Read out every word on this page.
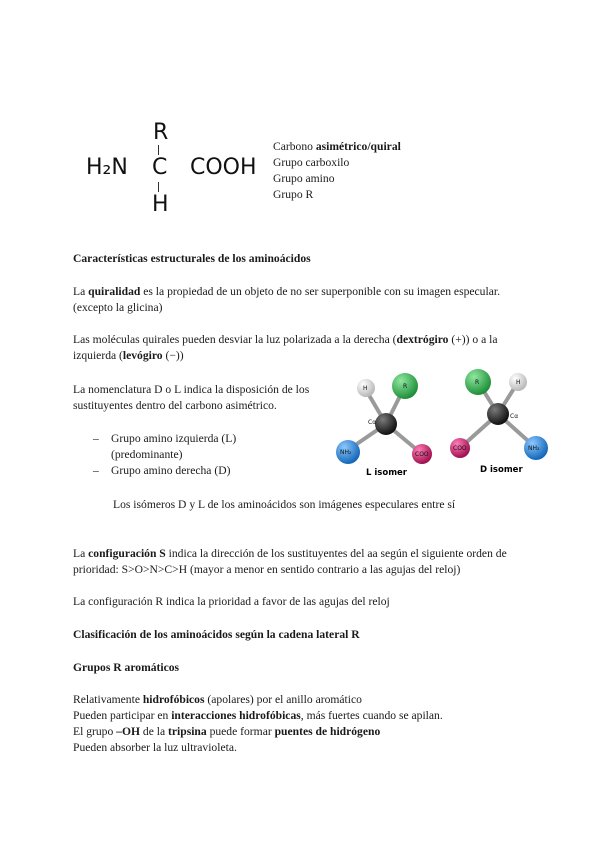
R
H₂N C COOH
H
Carbono asimétrico/quiral
Grupo carboxilo
Grupo amino
Grupo R
Características estructurales de los aminoácidos
La quiralidad es la propiedad de un objeto de no ser superponible con su imagen especular. (excepto la glicina)
Las moléculas quirales pueden desviar la luz polarizada a la derecha (dextrógiro (+)) o a la izquierda (levógiro (−))
La nomenclatura D o L indica la disposición de los sustituyentes dentro del carbono asimétrico.
– Grupo amino izquierda (L) (predominante)
– Grupo amino derecha (D)
H	R
NH₂	COO
Cα
L isomer
R	H
COO	NH₂
Cα
D isomer
Los isómeros D y L de los aminoácidos son imágenes especulares entre sí
La configuración S indica la dirección de los sustituyentes del aa según el siguiente orden de prioridad: S>O>N>C>H (mayor a menor en sentido contrario a las agujas del reloj)
La configuración R indica la prioridad a favor de las agujas del reloj
Clasificación de los aminoácidos según la cadena lateral R
Grupos R aromáticos
Relativamente hidrofóbicos (apolares) por el anillo aromático
Pueden participar en interacciones hidrofóbicas, más fuertes cuando se apilan.
El grupo –OH de la tripsina puede formar puentes de hidrógeno
Pueden absorber la luz ultravioleta.
